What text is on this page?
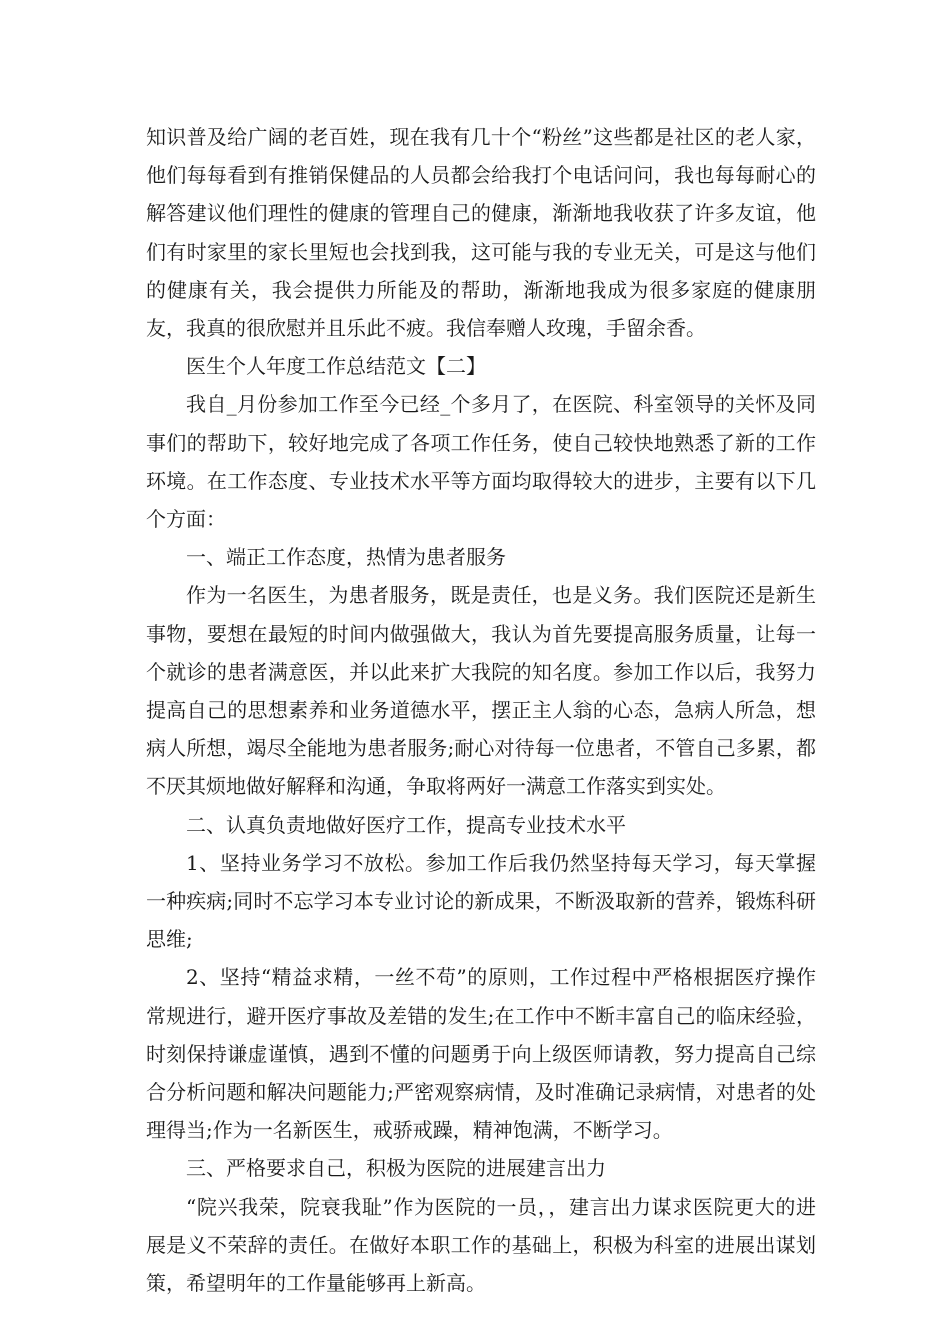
知识普及给广阔的老百姓，现在我有几十个“粉丝”这些都是社区的老人家，他们每每看到有推销保健品的人员都会给我打个电话问问，我也每每耐心的解答建议他们理性的健康的管理自己的健康，渐渐地我收获了许多友谊，他们有时家里的家长里短也会找到我，这可能与我的专业无关，可是这与他们的健康有关，我会提供力所能及的帮助，渐渐地我成为很多家庭的健康朋友，我真的很欣慰并且乐此不疲。我信奉赠人玫瑰，手留余香。

医生个人年度工作总结范文【二】

我自_月份参加工作至今已经_个多月了，在医院、科室领导的关怀及同事们的帮助下，较好地完成了各项工作任务，使自己较快地熟悉了新的工作环境。在工作态度、专业技术水平等方面均取得较大的进步，主要有以下几个方面：

一、端正工作态度，热情为患者服务

作为一名医生，为患者服务，既是责任，也是义务。我们医院还是新生事物，要想在最短的时间内做强做大，我认为首先要提高服务质量，让每一个就诊的患者满意医，并以此来扩大我院的知名度。参加工作以后，我努力提高自己的思想素养和业务道德水平，摆正主人翁的心态，急病人所急，想病人所想，竭尽全能地为患者服务;耐心对待每一位患者，不管自己多累，都不厌其烦地做好解释和沟通，争取将两好一满意工作落实到实处。

二、认真负责地做好医疗工作，提高专业技术水平

1、坚持业务学习不放松。参加工作后我仍然坚持每天学习，每天掌握一种疾病;同时不忘学习本专业讨论的新成果，不断汲取新的营养，锻炼科研思维;

2、坚持“精益求精，一丝不苟”的原则，工作过程中严格根据医疗操作常规进行，避开医疗事故及差错的发生;在工作中不断丰富自己的临床经验，时刻保持谦虚谨慎，遇到不懂的问题勇于向上级医师请教，努力提高自己综合分析问题和解决问题能力;严密观察病情，及时准确记录病情，对患者的处理得当;作为一名新医生，戒骄戒躁，精神饱满，不断学习。

三、严格要求自己，积极为医院的进展建言出力

“院兴我荣，院衰我耻”作为医院的一员，，建言出力谋求医院更大的进展是义不荣辞的责任。在做好本职工作的基础上，积极为科室的进展出谋划策，希望明年的工作量能够再上新高。
